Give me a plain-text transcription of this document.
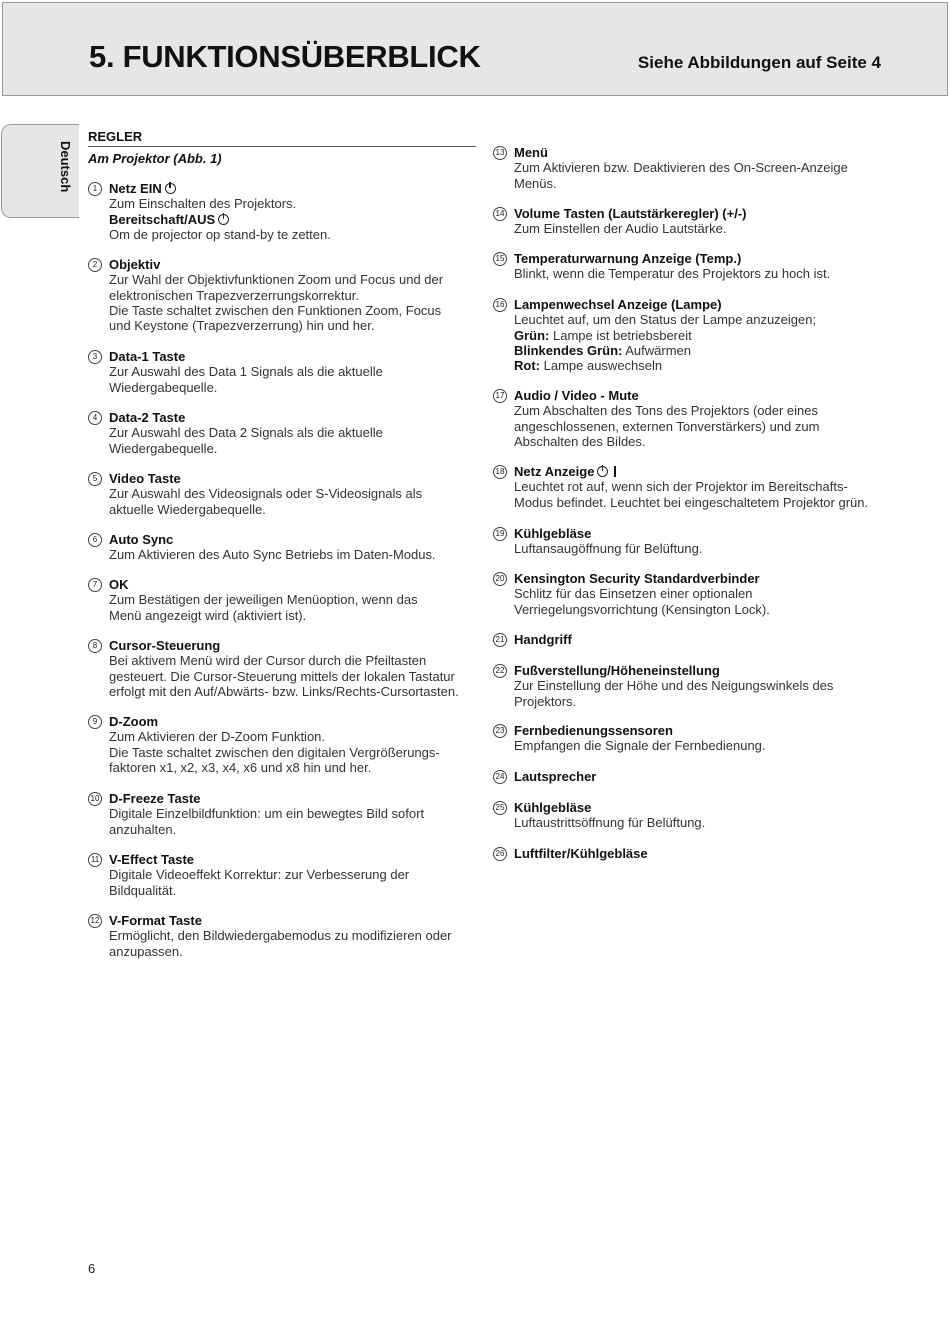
5. FUNKTIONSÜBERBLICK	Siehe Abbildungen auf Seite 4
Deutsch
REGLER
Am Projektor (Abb. 1)
1 Netz EIN
Zum Einschalten des Projektors.
Bereitschaft/AUS
Om de projector op stand-by te zetten.
2 Objektiv
Zur Wahl der Objektivfunktionen Zoom und Focus und der
elektronischen Trapezverzerrungskorrektur.
Die Taste schaltet zwischen den Funktionen Zoom, Focus
und Keystone (Trapezverzerrung) hin und her.
3 Data-1 Taste
Zur Auswahl des Data 1 Signals als die aktuelle
Wiedergabequelle.
4 Data-2 Taste
Zur Auswahl des Data 2 Signals als die aktuelle
Wiedergabequelle.
5 Video Taste
Zur Auswahl des Videosignals oder S-Videosignals als
aktuelle Wiedergabequelle.
6 Auto Sync
Zum Aktivieren des Auto Sync Betriebs im Daten-Modus.
7 OK
Zum Bestätigen der jeweiligen Menüoption, wenn das
Menü angezeigt wird (aktiviert ist).
8 Cursor-Steuerung
Bei aktivem Menü wird der Cursor durch die Pfeiltasten
gesteuert. Die Cursor-Steuerung mittels der lokalen Tastatur
erfolgt mit den Auf/Abwärts- bzw. Links/Rechts-Cursortasten.
9 D-Zoom
Zum Aktivieren der D-Zoom Funktion.
Die Taste schaltet zwischen den digitalen Vergrößerungs-
faktoren x1, x2, x3, x4, x6 und x8 hin und her.
10 D-Freeze Taste
Digitale Einzelbildfunktion: um ein bewegtes Bild sofort
anzuhalten.
11 V-Effect Taste
Digitale Videoeffekt Korrektur: zur Verbesserung der
Bildqualität.
12 V-Format Taste
Ermöglicht, den Bildwiedergabemodus zu modifizieren oder
anzupassen.
13 Menü
Zum Aktivieren bzw. Deaktivieren des On-Screen-Anzeige
Menüs.
14 Volume Tasten (Lautstärkeregler) (+/-)
Zum Einstellen der Audio Lautstärke.
15 Temperaturwarnung Anzeige (Temp.)
Blinkt, wenn die Temperatur des Projektors zu hoch ist.
16 Lampenwechsel Anzeige (Lampe)
Leuchtet auf, um den Status der Lampe anzuzeigen;
Grün: Lampe ist betriebsbereit
Blinkendes Grün: Aufwärmen
Rot: Lampe auswechseln
17 Audio / Video - Mute
Zum Abschalten des Tons des Projektors (oder eines
angeschlossenen, externen Tonverstärkers) und zum
Abschalten des Bildes.
18 Netz Anzeige
Leuchtet rot auf, wenn sich der Projektor im Bereitschafts-
Modus befindet. Leuchtet bei eingeschaltetem Projektor grün.
19 Kühlgebläse
Luftansaugöffnung für Belüftung.
20 Kensington Security Standardverbinder
Schlitz für das Einsetzen einer optionalen
Verriegelungsvorrichtung (Kensington Lock).
21 Handgriff
22 Fußverstellung/Höheneinstellung
Zur Einstellung der Höhe und des Neigungswinkels des
Projektors.
23 Fernbedienungssensoren
Empfangen die Signale der Fernbedienung.
24 Lautsprecher
25 Kühlgebläse
Luftaustrittsöffnung für Belüftung.
26 Luftfilter/Kühlgebläse
6
